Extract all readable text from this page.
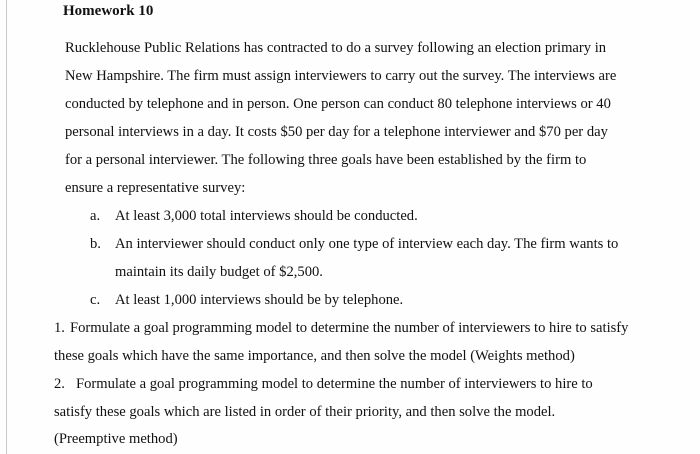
Homework 10
Rucklehouse Public Relations has contracted to do a survey following an election primary in
New Hampshire. The firm must assign interviewers to carry out the survey. The interviews are
conducted by telephone and in person. One person can conduct 80 telephone interviews or 40
personal interviews in a day. It costs $50 per day for a telephone interviewer and $70 per day
for a personal interviewer. The following three goals have been established by the firm to
ensure a representative survey:
a. At least 3,000 total interviews should be conducted.
b. An interviewer should conduct only one type of interview each day. The firm wants to
maintain its daily budget of $2,500.
c. At least 1,000 interviews should be by telephone.
1. Formulate a goal programming model to determine the number of interviewers to hire to satisfy
these goals which have the same importance, and then solve the model (Weights method)
2. Formulate a goal programming model to determine the number of interviewers to hire to
satisfy these goals which are listed in order of their priority, and then solve the model.
(Preemptive method)
